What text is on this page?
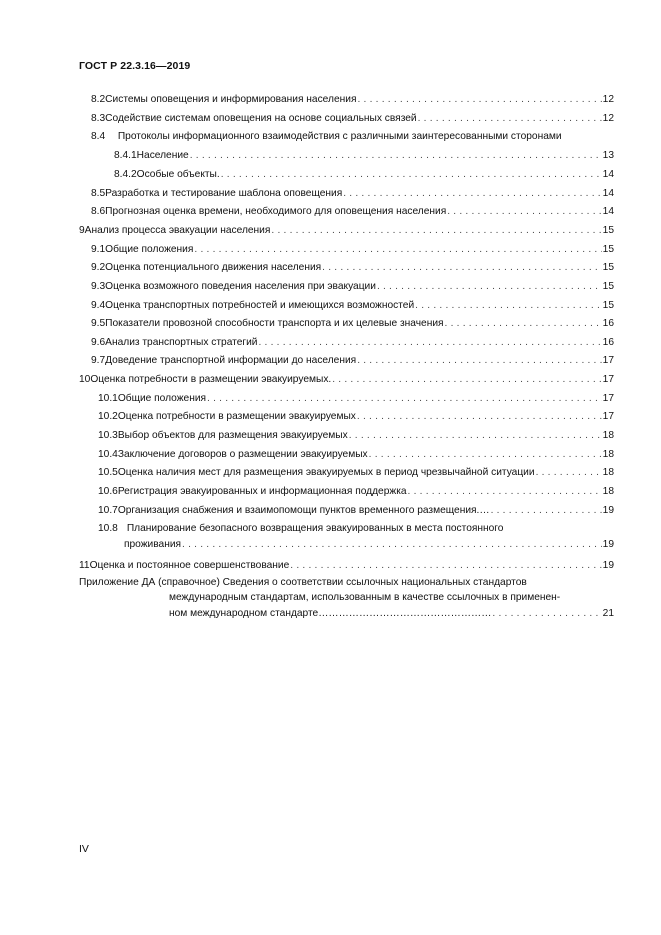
ГОСТ Р 22.3.16—2019
8.2 Системы оповещения и информирования населения . . .	12
8.3 Содействие системам оповещения на основе социальных связей . . .	12
8.4 Протоколы информационного взаимодействия с различными заинтересованными сторонами
8.4.1 Население . . .	13
8.4.2 Особые объекты. . . .	14
8.5 Разработка и тестирование шаблона оповещения . . .	14
8.6 Прогнозная оценка времени, необходимого для оповещения населения . . .	14
9 Анализ процесса эвакуации населения . . .	15
9.1 Общие положения . . .	15
9.2 Оценка потенциального движения населения . . .	15
9.3 Оценка возможного поведения населения при эвакуации . . .	15
9.4 Оценка транспортных потребностей и имеющихся возможностей . . .	15
9.5 Показатели провозной способности транспорта и их целевые значения . . .	16
9.6 Анализ транспортных стратегий . . .	16
9.7 Доведение транспортной информации до населения . . .	17
10 Оценка потребности в размещении эвакуируемых. . . .	17
10.1 Общие положения . . .	17
10.2 Оценка потребности в размещении эвакуируемых . . .	17
10.3 Выбор объектов для размещения эвакуируемых . . .	18
10.4 Заключение договоров о размещении эвакуируемых . . .	18
10.5 Оценка наличия мест для размещения эвакуируемых в период чрезвычайной ситуации . . .	18
10.6 Регистрация эвакуированных и информационная поддержка . . .	18
10.7 Организация снабжения и взаимопомощи пунктов временного размещения.… . . .	19
10.8 Планирование безопасного возвращения эвакуированных в места постоянного
проживания . . .	19
11 Оценка и постоянное совершенствование . . .	19
Приложение ДА (справочное) Сведения о соответствии ссылочных национальных стандартов
международным стандартам, использованным в качестве ссылочных в применен-
ном международном стандарте…………………………………………… . . .	21
IV
